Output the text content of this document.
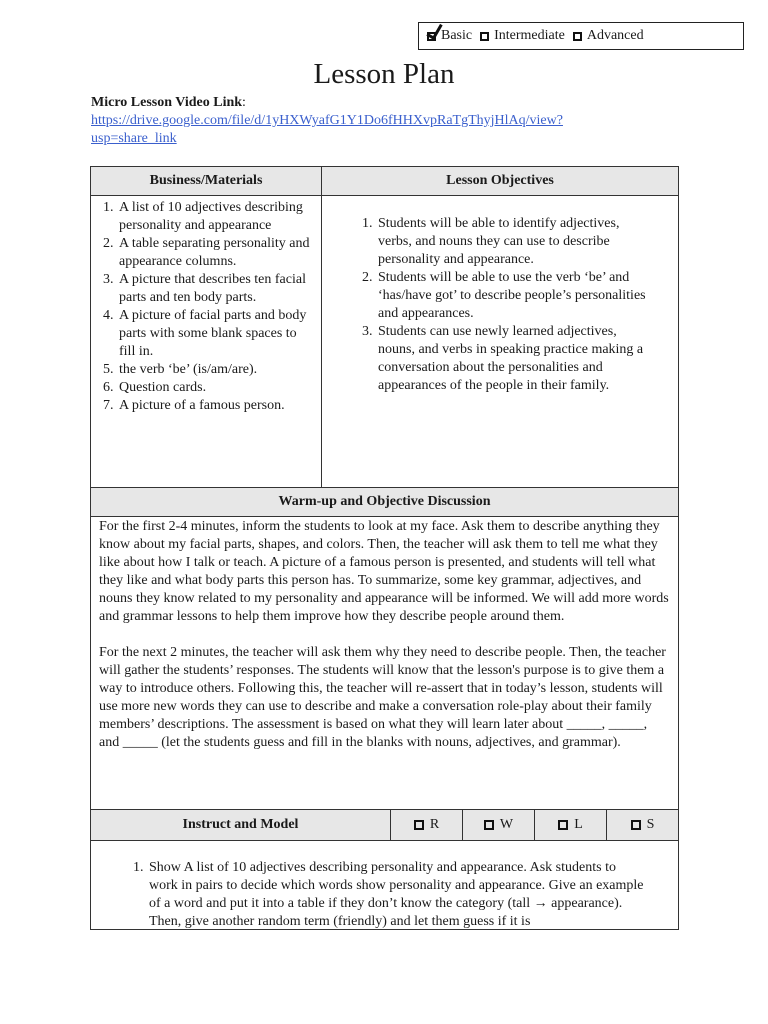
Basic Intermediate Advanced
Lesson Plan
Micro Lesson Video Link:
https://drive.google.com/file/d/1yHXWyafG1Y1Do6fHHXvpRaTgThyjHlAq/view?
usp=share_link
Business/Materials	Lesson Objectives
1. A list of 10 adjectives describing personality and appearance
2. A table separating personality and appearance columns.
3. A picture that describes ten facial parts and ten body parts.
4. A picture of facial parts and body parts with some blank spaces to fill in.
5. the verb ‘be’ (is/am/are).
6. Question cards.
7. A picture of a famous person.
1. Students will be able to identify adjectives, verbs, and nouns they can use to describe personality and appearance.
2. Students will be able to use the verb ‘be’ and ‘has/have got’ to describe people’s personalities and appearances.
3. Students can use newly learned adjectives, nouns, and verbs in speaking practice making a conversation about the personalities and appearances of the people in their family.
Warm-up and Objective Discussion

For the first 2-4 minutes, inform the students to look at my face. Ask them to describe anything they know about my facial parts, shapes, and colors. Then, the teacher will ask them to tell me what they like about how I talk or teach. A picture of a famous person is presented, and students will tell what they like and what body parts this person has. To summarize, some key grammar, adjectives, and nouns they know related to my personality and appearance will be informed. We will add more words and grammar lessons to help them improve how they describe people around them.

For the next 2 minutes, the teacher will ask them why they need to describe people. Then, the teacher will gather the students’ responses. The students will know that the lesson's purpose is to give them a way to introduce others. Following this, the teacher will re-assert that in today’s lesson, students will use more new words they can use to describe and make a conversation role-play about their family members’ descriptions. The assessment is based on what they will learn later about _____, _____, and _____ (let the students guess and fill in the blanks with nouns, adjectives, and grammar).

Instruct and Model	R	W	L	S
1. Show A list of 10 adjectives describing personality and appearance. Ask students to work in pairs to decide which words show personality and appearance. Give an example of a word and put it into a table if they don’t know the category (tall → appearance). Then, give another random term (friendly) and let them guess if it is
